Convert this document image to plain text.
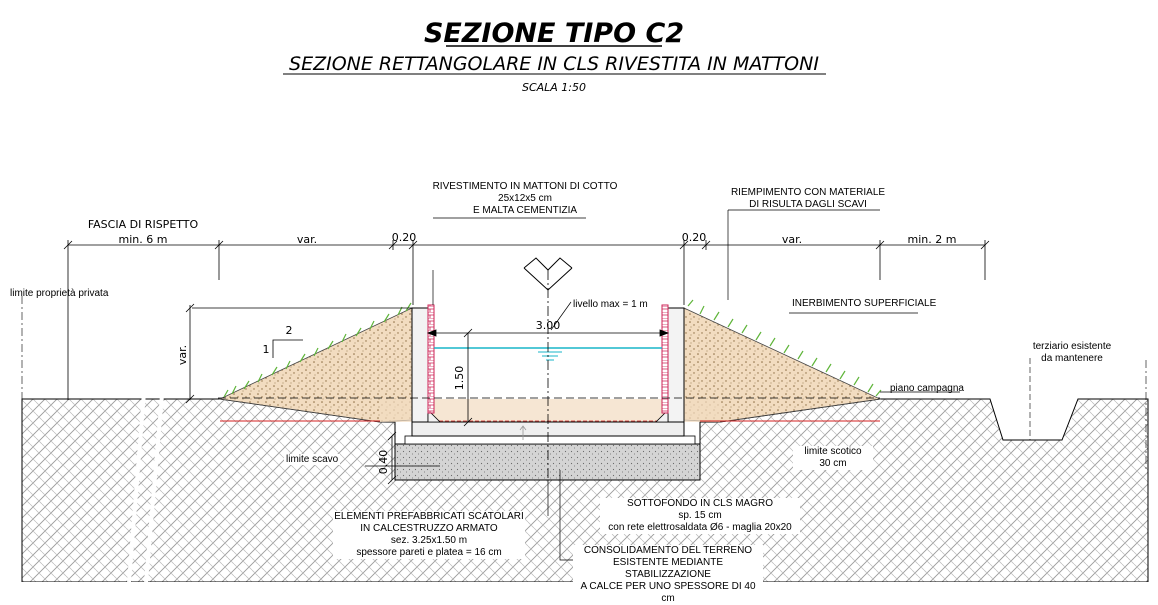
SEZIONE TIPO C2
SEZIONE RETTANGOLARE IN CLS RIVESTITA IN MATTONI
SCALA 1:50
FASCIA DI RISPETTO
min. 6 m	var.	0.20	0.20	var.	min. 2 m
var.
2
1
3.00
1.50
0.40
RIVESTIMENTO IN MATTONI DI COTTO
25x12x5 cm
E MALTA CEMENTIZIA
RIEMPIMENTO CON MATERIALE
DI RISULTA DAGLI SCAVI
limite proprietà privata
livello max = 1 m	INERBIMENTO SUPERFICIALE
terziario esistente
da mantenere
piano campagna
limite scavo
limite scotico
30 cm
ELEMENTI PREFABBRICATI SCATOLARI
IN CALCESTRUZZO ARMATO
sez. 3.25x1.50 m
spessore pareti e platea = 16 cm
SOTTOFONDO IN CLS MAGRO
sp. 15 cm
con rete elettrosaldata Ø6 - maglia 20x20
CONSOLIDAMENTO DEL TERRENO
ESISTENTE MEDIANTE STABILIZZAZIONE
A CALCE PER UNO SPESSORE DI 40 cm
